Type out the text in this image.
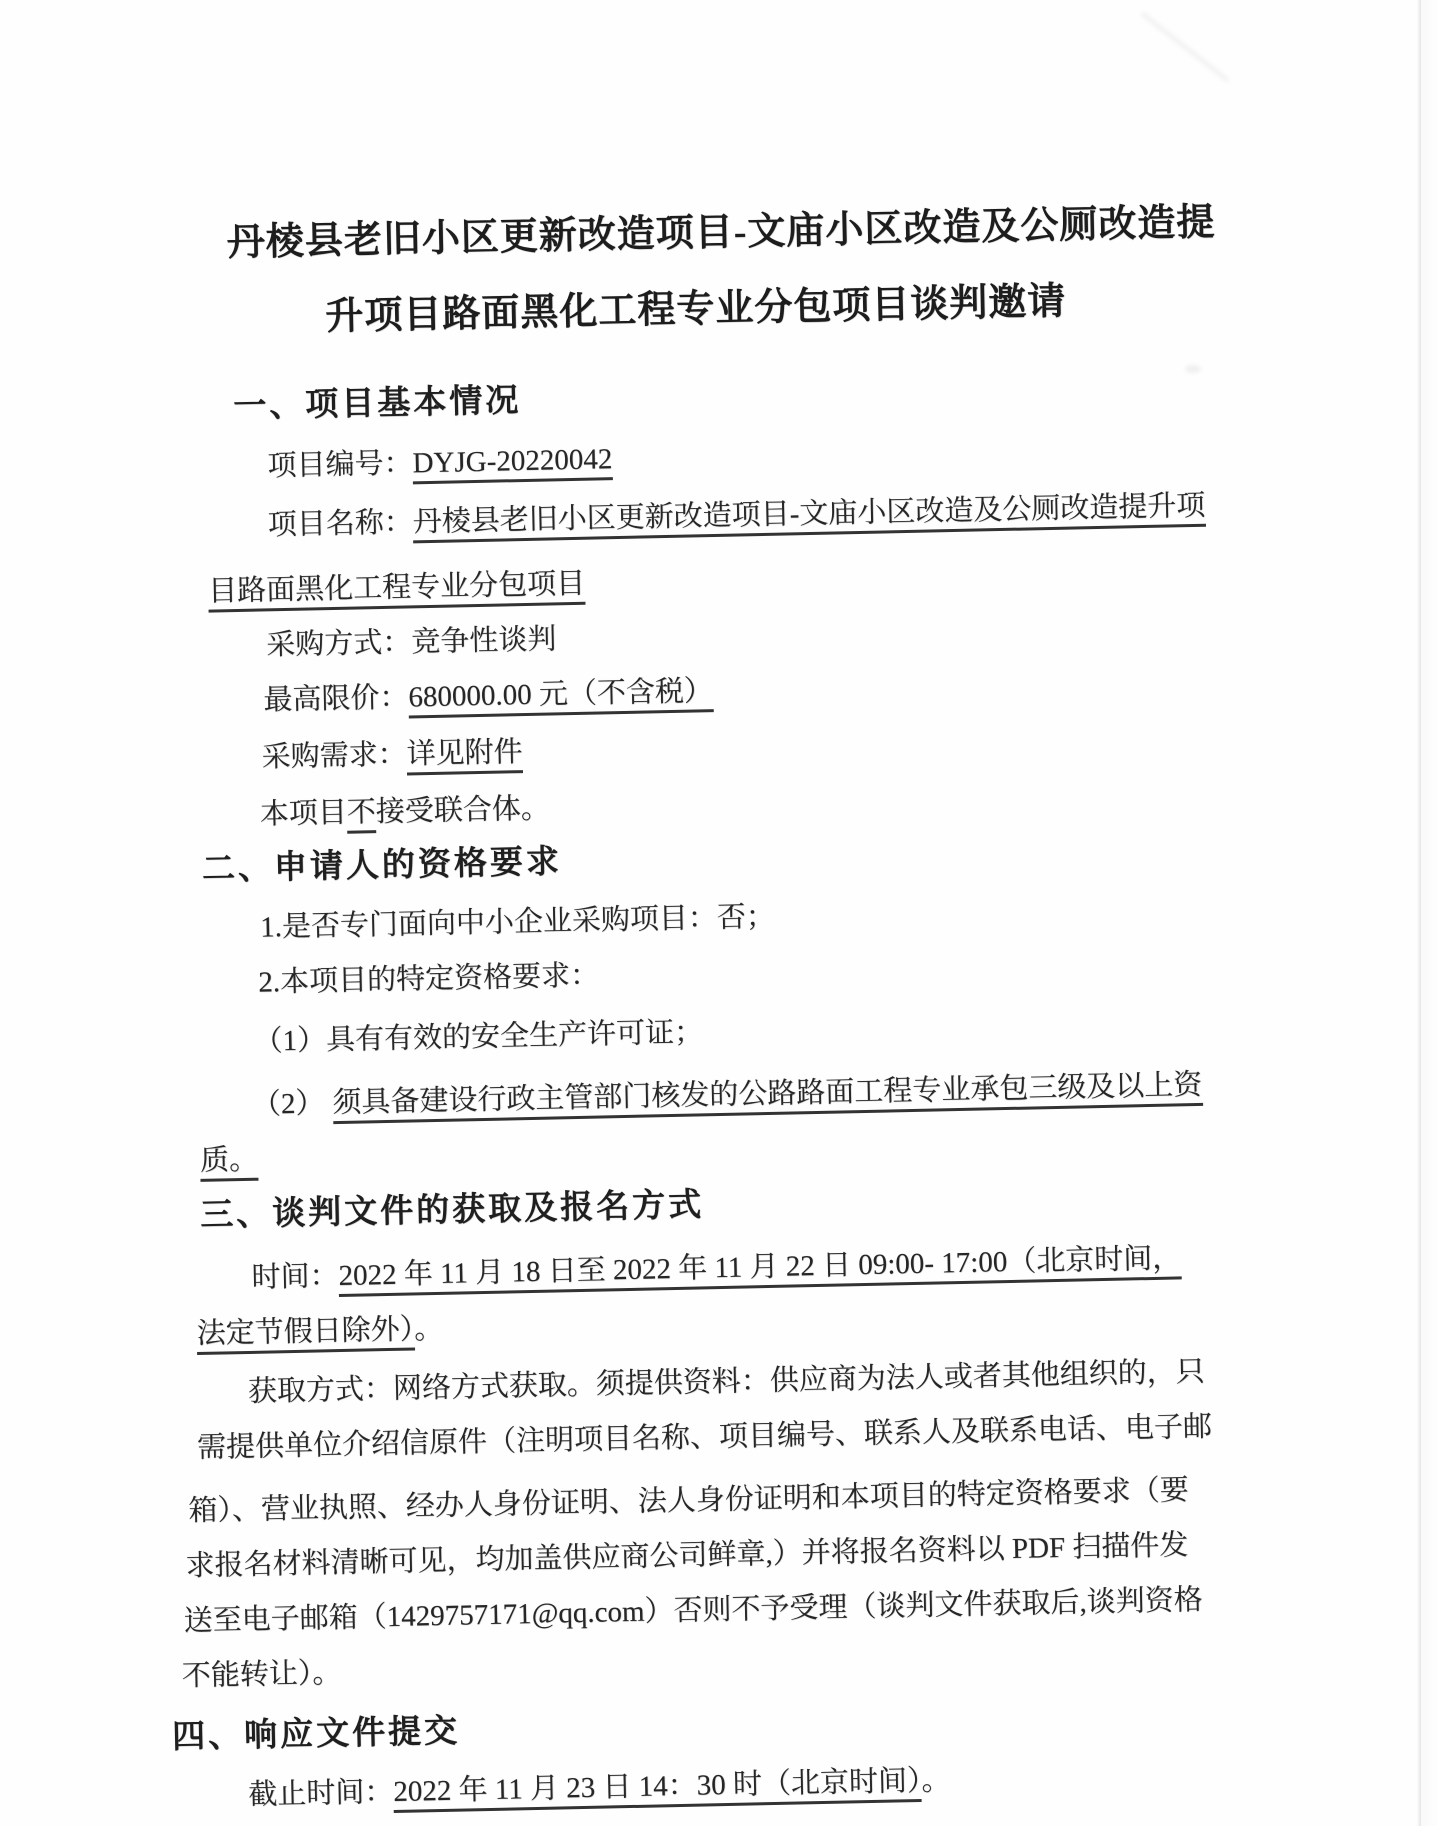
丹棱县老旧小区更新改造项目-文庙小区改造及公厕改造提
升项目路面黑化工程专业分包项目谈判邀请
一、项目基本情况
项目编号：DYJG-20220042
项目名称：丹棱县老旧小区更新改造项目-文庙小区改造及公厕改造提升项
目路面黑化工程专业分包项目
采购方式：竞争性谈判
最高限价：680000.00 元（不含税）
采购需求：详见附件
本项目不接受联合体。
二、申请人的资格要求
1.是否专门面向中小企业采购项目：否；
2.本项目的特定资格要求：
（1）具有有效的安全生产许可证；
（2） 须具备建设行政主管部门核发的公路路面工程专业承包三级及以上资
质。
三、谈判文件的获取及报名方式
时间：2022 年 11 月 18 日至 2022 年 11 月 22 日 09:00- 17:00（北京时间，
法定节假日除外）。
获取方式：网络方式获取。须提供资料：供应商为法人或者其他组织的，只
需提供单位介绍信原件（注明项目名称、项目编号、联系人及联系电话、电子邮
箱）、营业执照、经办人身份证明、法人身份证明和本项目的特定资格要求（要
求报名材料清晰可见，均加盖供应商公司鲜章,）并将报名资料以 PDF 扫描件发
送至电子邮箱（1429757171@qq.com）否则不予受理（谈判文件获取后,谈判资格
不能转让）。
四、响应文件提交
截止时间：2022 年 11 月 23 日 14：30 时（北京时间）。
